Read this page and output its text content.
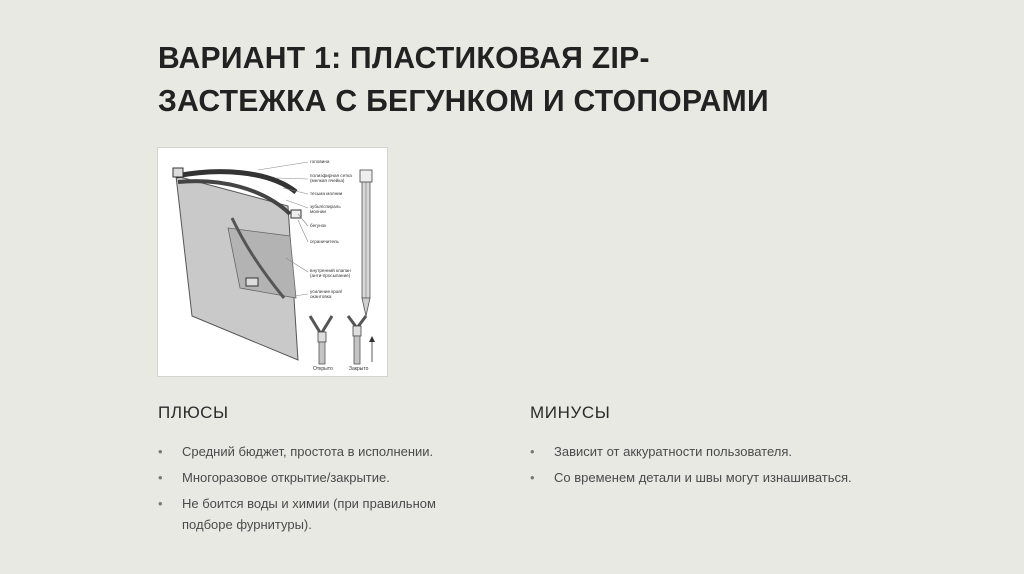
ВАРИАНТ 1: ПЛАСТИКОВАЯ ZIP-
ЗАСТЕЖКА С БЕГУНКОМ И СТОПОРАМИ
головина
полиэфирная сетка
(мелкая ячейка)
тесьма молнии
зубья/спираль
молнии
бегунок
ограничитель
внутренний клапан
(анти-просыпание)
усиление края/
окантовка
Открыто	Закрыто
ПЛЮСЫ
• Средний бюджет, простота в исполнении.
• Многоразовое открытие/закрытие.
• Не боится воды и химии (при правильном подборе фурнитуры).
МИНУСЫ
• Зависит от аккуратности пользователя.
• Со временем детали и швы могут изнашиваться.
